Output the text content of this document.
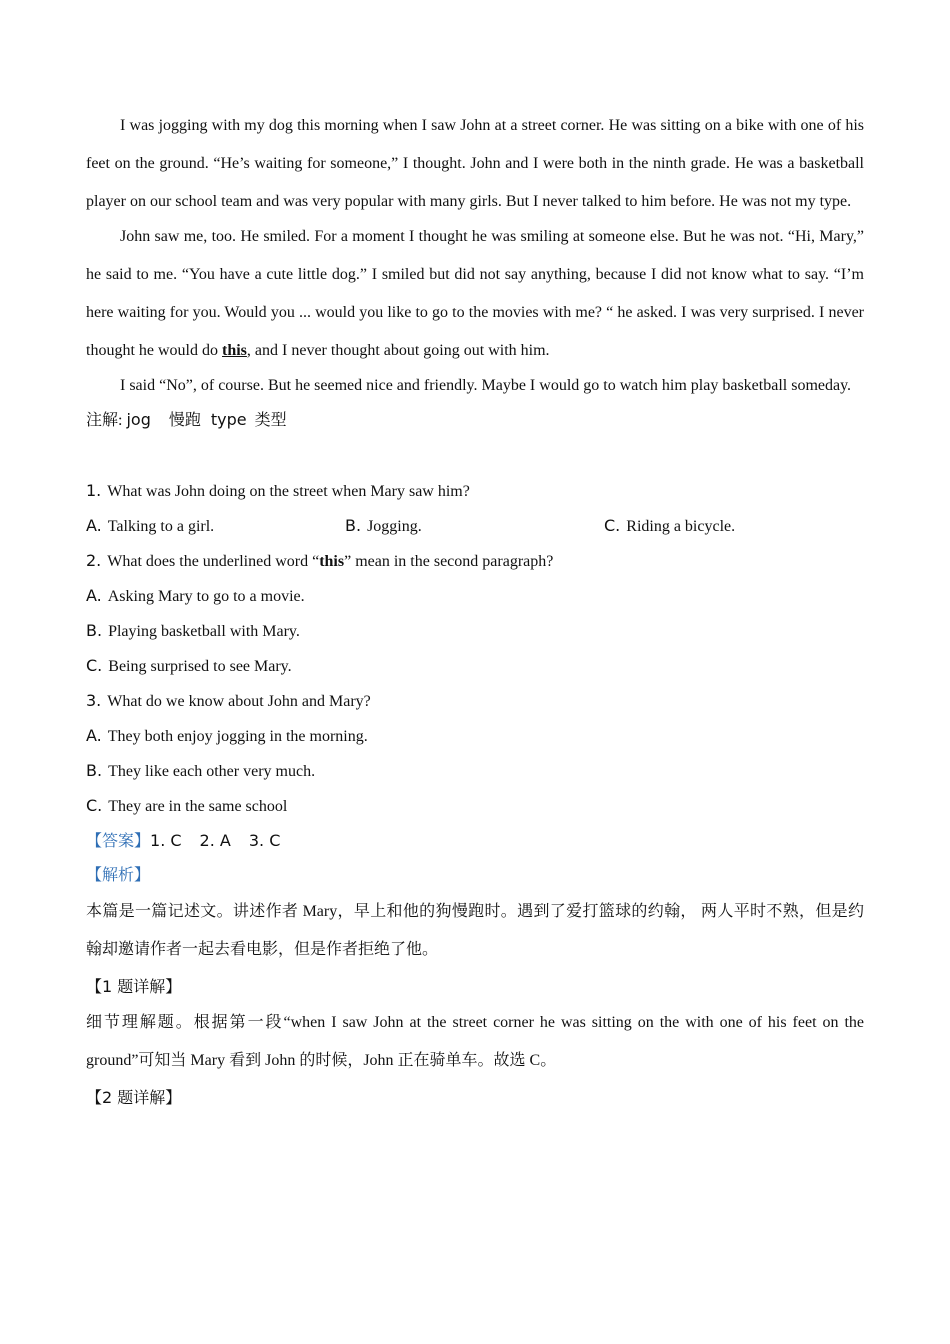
I was jogging with my dog this morning when I saw John at a street corner. He was sitting on a bike with one of his feet on the ground. “He’s waiting for someone,” I thought. John and I were both in the ninth grade. He was a basketball player on our school team and was very popular with many girls. But I never talked to him before. He was not my type.

John saw me, too. He smiled. For a moment I thought he was smiling at someone else. But he was not. “Hi, Mary,” he said to me. “You have a cute little dog.” I smiled but did not say anything, because I did not know what to say. “I’m here waiting for you. Would you ... would you like to go to the movies with me? “ he asked. I was very surprised. I never thought he would do this, and I never thought about going out with him.

I said “No”, of course. But he seemed nice and friendly. Maybe I would go to watch him play basketball someday.

注解: jog 慢跑 type 类型
1. What was John doing on the street when Mary saw him?
A. Talking to a girl.	B. Jogging.	C. Riding a bicycle.
2. What does the underlined word “this” mean in the second paragraph?
A. Asking Mary to go to a movie.
B. Playing basketball with Mary.
C. Being surprised to see Mary.
3. What do we know about John and Mary?
A. They both enjoy jogging in the morning.
B. They like each other very much.
C. They are in the same school
【答案】1. C 2. A 3. C
【解析】
本篇是一篇记述文。讲述作者 Mary，早上和他的狗慢跑时。遇到了爱打篮球的约翰， 两人平时不熟，但是约翰却邀请作者一起去看电影，但是作者拒绝了他。
【1 题详解】
细节理解题。根据第一段“when I saw John at the street corner he was sitting on the with one of his feet on the ground”可知当 Mary 看到 John 的时候，John 正在骑单车。故选 C。
【2 题详解】
